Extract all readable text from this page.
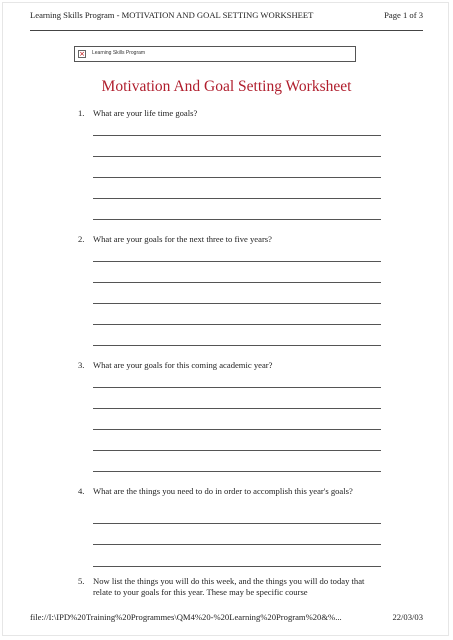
Learning Skills Program - MOTIVATION AND GOAL SETTING WORKSHEET	Page 1 of 3
× Learning Skills Program
Motivation And Goal Setting Worksheet
1. What are your life time goals?
2. What are your goals for the next three to five years?
3. What are your goals for this coming academic year?
4. What are the things you need to do in order to accomplish this year's goals?
5. Now list the things you will do this week, and the things you will do today that relate to your goals for this year. These may be specific course
file://I:\IPD%20Training%20Programmes\QM4%20-%20Learning%20Program%20&%...	22/03/03
